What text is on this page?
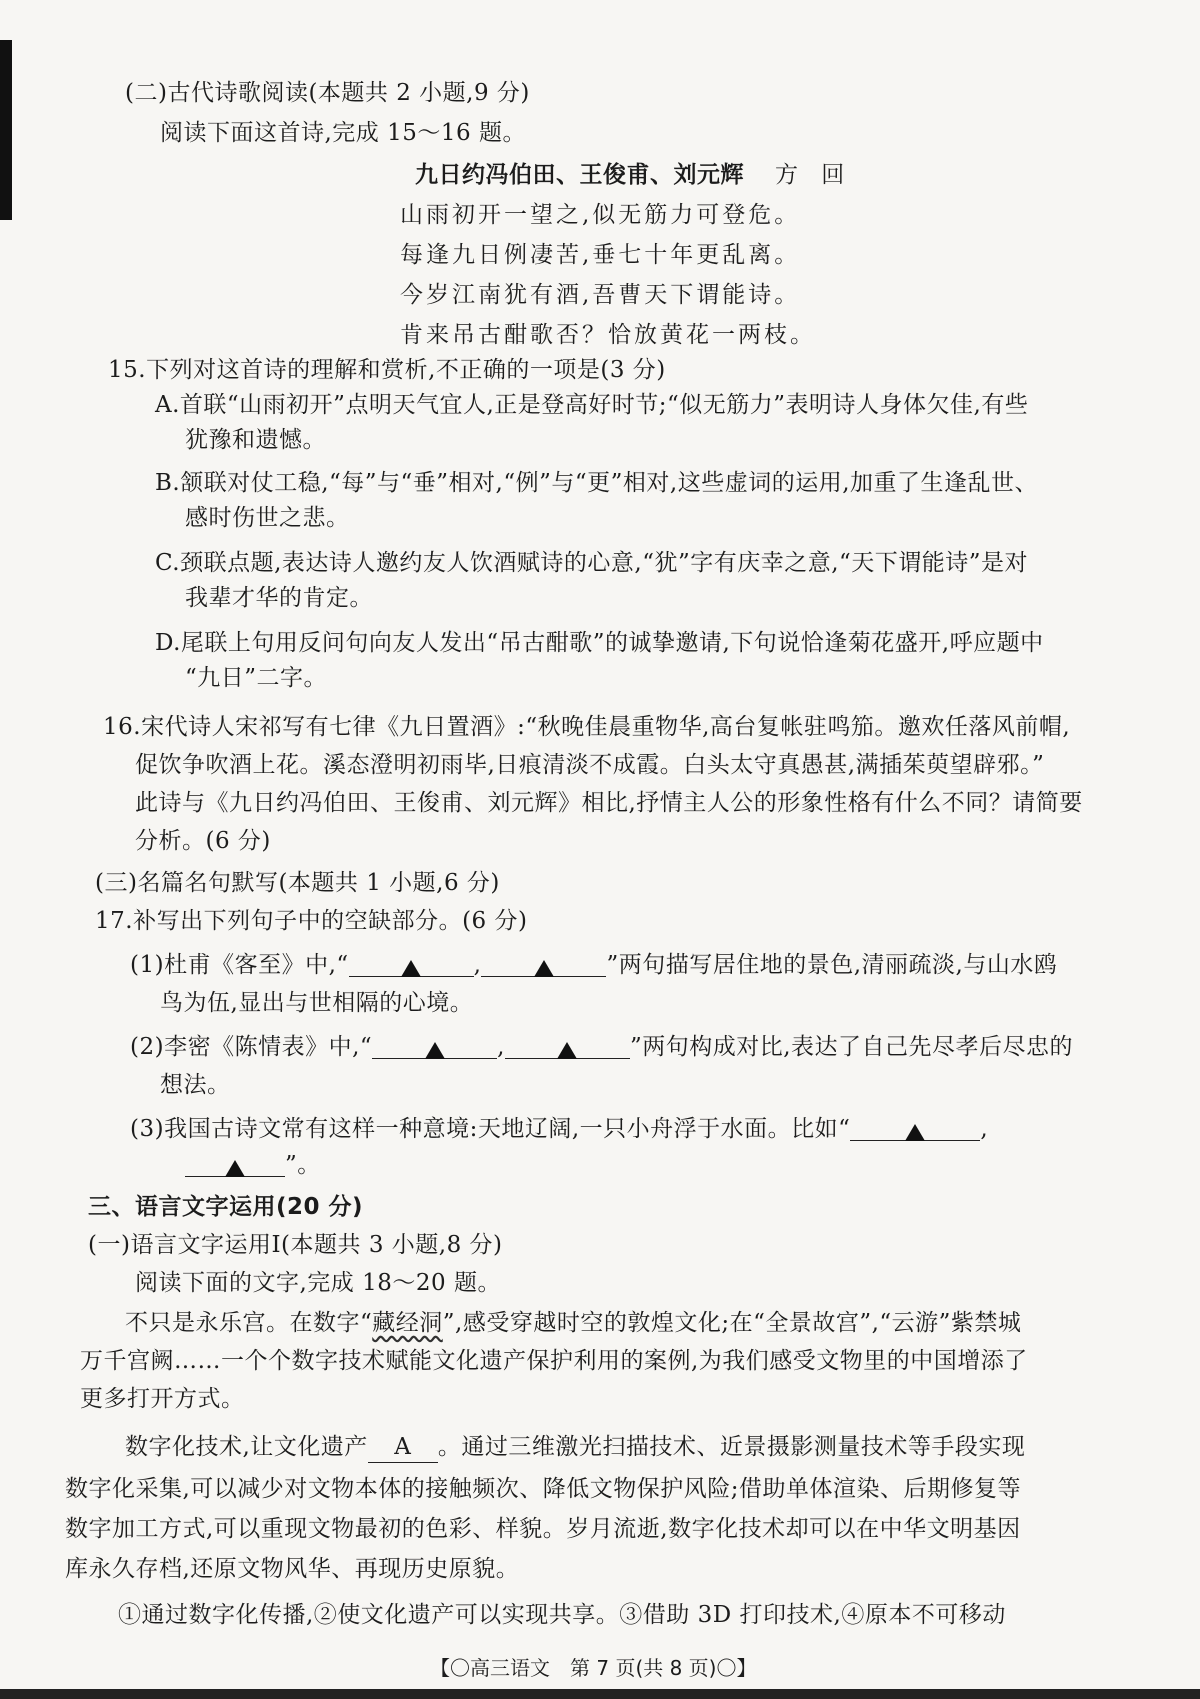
(二)古代诗歌阅读(本题共 2 小题,9 分)
阅读下面这首诗,完成 15～16 题。
九日约冯伯田、王俊甫、刘元辉 方 回
山雨初开一望之,似无筋力可登危。
每逢九日例凄苦,垂七十年更乱离。
今岁江南犹有酒,吾曹天下谓能诗。
肯来吊古酣歌否？恰放黄花一两枝。
15.下列对这首诗的理解和赏析,不正确的一项是(3 分)
A.首联“山雨初开”点明天气宜人,正是登高好时节;“似无筋力”表明诗人身体欠佳,有些
犹豫和遗憾。
B.颔联对仗工稳,“每”与“垂”相对,“例”与“更”相对,这些虚词的运用,加重了生逢乱世、
感时伤世之悲。
C.颈联点题,表达诗人邀约友人饮酒赋诗的心意,“犹”字有庆幸之意,“天下谓能诗”是对
我辈才华的肯定。
D.尾联上句用反问句向友人发出“吊古酣歌”的诚挚邀请,下句说恰逢菊花盛开,呼应题中
“九日”二字。
16.宋代诗人宋祁写有七律《九日置酒》:“秋晚佳晨重物华,高台复帐驻鸣笳。邀欢任落风前帽,
促饮争吹酒上花。溪态澄明初雨毕,日痕清淡不成霞。白头太守真愚甚,满插茱萸望辟邪。”
此诗与《九日约冯伯田、王俊甫、刘元辉》相比,抒情主人公的形象性格有什么不同？请简要
分析。(6 分)
(三)名篇名句默写(本题共 1 小题,6 分)
17.补写出下列句子中的空缺部分。(6 分)
(1)杜甫《客至》中,“	,	”两句描写居住地的景色,清丽疏淡,与山水鸥
鸟为伍,显出与世相隔的心境。
(2)李密《陈情表》中,“	,	”两句构成对比,表达了自己先尽孝后尽忠的
想法。
(3)我国古诗文常有这样一种意境:天地辽阔,一只小舟浮于水面。比如“	,
”。
三、语言文字运用(20 分)
(一)语言文字运用Ⅰ(本题共 3 小题,8 分)
阅读下面的文字,完成 18～20 题。
不只是永乐宫。在数字“藏经洞”,感受穿越时空的敦煌文化;在“全景故宫”,“云游”紫禁城
万千宫阙……一个个数字技术赋能文化遗产保护利用的案例,为我们感受文物里的中国增添了
更多打开方式。
数字化技术,让文化遗产 A 。通过三维激光扫描技术、近景摄影测量技术等手段实现
数字化采集,可以减少对文物本体的接触频次、降低文物保护风险;借助单体渲染、后期修复等
数字加工方式,可以重现文物最初的色彩、样貌。岁月流逝,数字化技术却可以在中华文明基因
库永久存档,还原文物风华、再现历史原貌。
①通过数字化传播,②使文化遗产可以实现共享。③借助 3D 打印技术,④原本不可移动
【〇高三语文　第 7 页(共 8 页)〇】
